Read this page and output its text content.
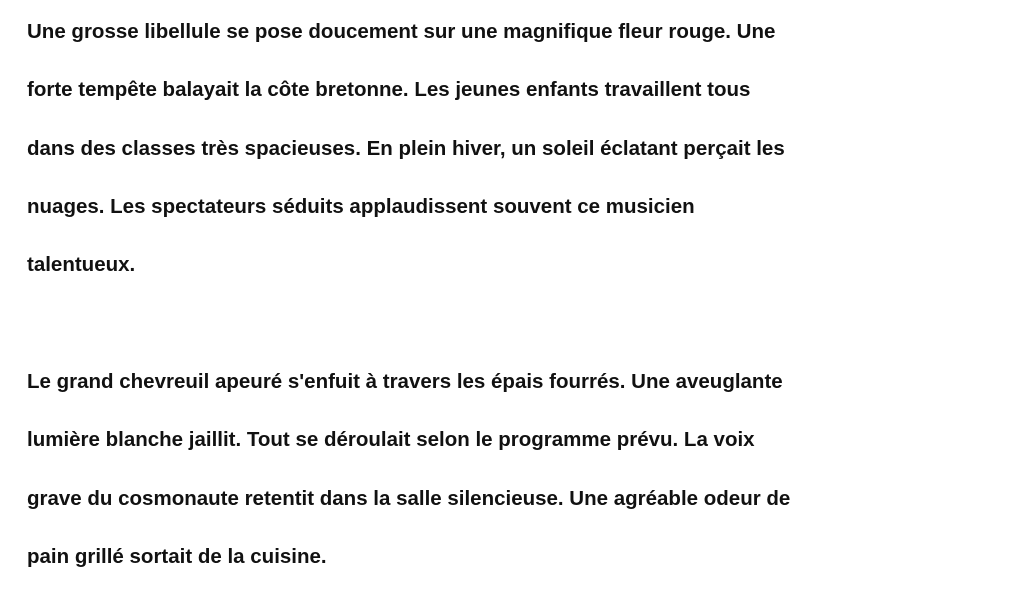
Une grosse libellule se pose doucement sur une magnifique fleur rouge. Une
forte tempête balayait la côte bretonne. Les jeunes enfants travaillent tous
dans des classes très spacieuses. En plein hiver, un soleil éclatant perçait les
nuages. Les spectateurs séduits applaudissent souvent ce musicien
talentueux.
Le grand chevreuil apeuré s'enfuit à travers les épais fourrés. Une aveuglante
lumière blanche jaillit. Tout se déroulait selon le programme prévu. La voix
grave du cosmonaute retentit dans la salle silencieuse. Une agréable odeur de
pain grillé sortait de la cuisine.
